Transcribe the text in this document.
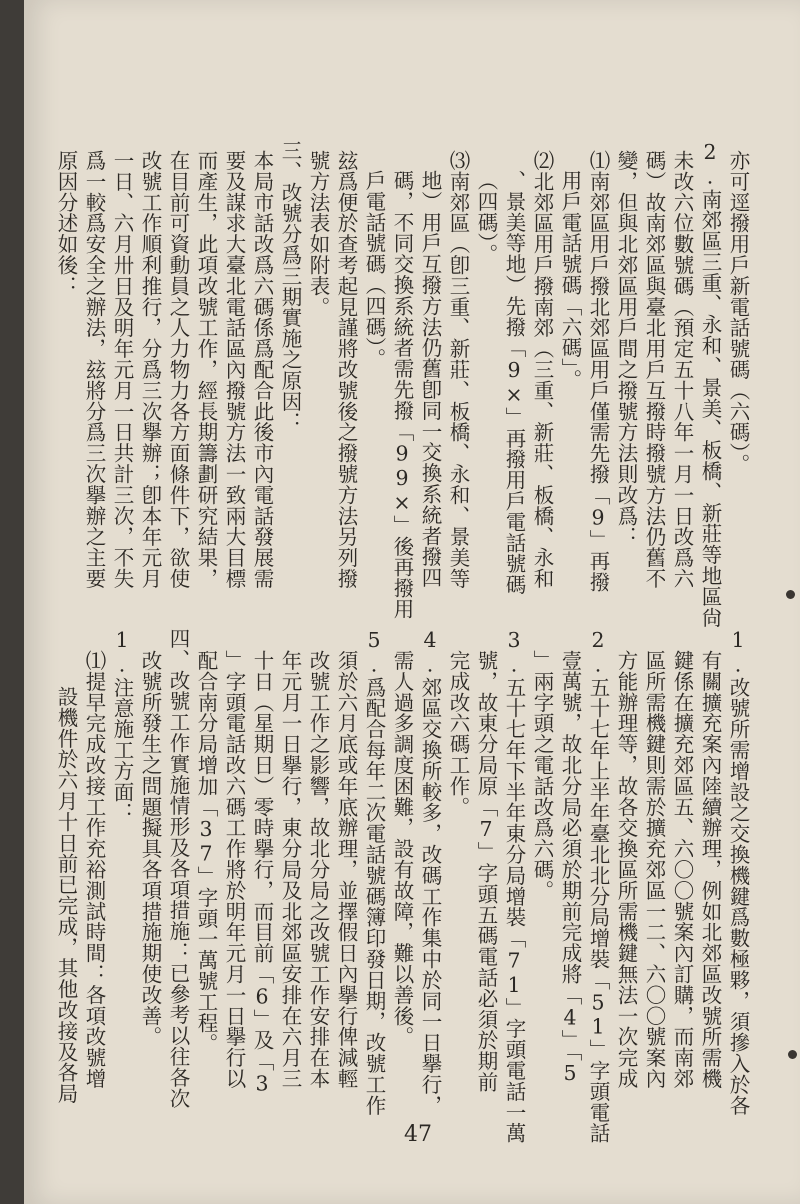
亦可逕撥用戶新電話號碼（六碼）。
2.南郊區三重、永和、景美、板橋、新莊等地區尙
未改六位數號碼（預定五十八年一月一日改爲六
碼）故南郊區與臺北用戶互撥時撥號方法仍舊不
變，但與北郊區用戶間之撥號方法則改爲：
⑴南郊區用戶撥北郊區用戶僅需先撥「9」再撥
用戶電話號碼「六碼」。
⑵北郊區用戶撥南郊（三重、新莊、板橋、永和
、景美等地）先撥「9×」再撥用戶電話號碼
（四碼）。
⑶南郊區（卽三重、新莊、板橋、永和、景美等
地）用戶互撥方法仍舊卽同一交換系統者撥四
碼，不同交換系統者需先撥「99×」後再撥用
戶電話號碼（四碼）。
玆爲便於查考起見謹將改號後之撥號方法另列撥
號方法表如附表。
三、改號分爲三期實施之原因：
本局市話改爲六碼係爲配合此後市內電話發展需
要及謀求大臺北電話區內撥號方法一致兩大目標
而產生，此項改號工作，經長期籌劃研究結果，
在目前可資動員之人力物力各方面條件下，欲使
改號工作順利推行，分爲三次擧辦；卽本年元月
一日、六月卅日及明年元月一日共計三次，不失
爲一較爲安全之辦法，玆將分爲三次擧辦之主要
原因分述如後：
1.改號所需增設之交換機鍵爲數極夥，須摻入於各
有關擴充案內陸續辦理，例如北郊區改號所需機
鍵係在擴充郊區五、六〇〇號案內訂購，而南郊
區所需機鍵則需於擴充郊區一二、六〇〇號案內
方能辦理等，故各交換區所需機鍵無法一次完成
2.五十七年上半年臺北北分局增裝「51」字頭電話
壹萬號，故北分局必須於期前完成將「4」「5
」兩字頭之電話改爲六碼。
3.五十七年下半年東分局增裝「71」字頭電話一萬
號，故東分局原「7」字頭五碼電話必須於期前
完成改六碼工作。
4.郊區交換所較多，改碼工作集中於同一日擧行，
需人過多調度困難，設有故障，難以善後。
5.爲配合每年二次電話號碼簿印發日期，改號工作
須於六月底或年底辦理，並擇假日內擧行俾減輕
改號工作之影響，故北分局之改號工作安排在本
年元月一日擧行，東分局及北郊區安排在六月三
十日（星期日）零時擧行，而目前「6」及「3
」字頭電話改六碼工作將於明年元月一日擧行以
配合南分局增加「37」字頭一萬號工程。
四、改號工作實施情形及各項措施：已參考以往各次
改號所發生之問題擬具各項措施期使改善。
1.注意施工方面：
⑴提早完成改接工作充裕測試時間：各項改號增
設機件於六月十日前已完成，其他改接及各局
47
